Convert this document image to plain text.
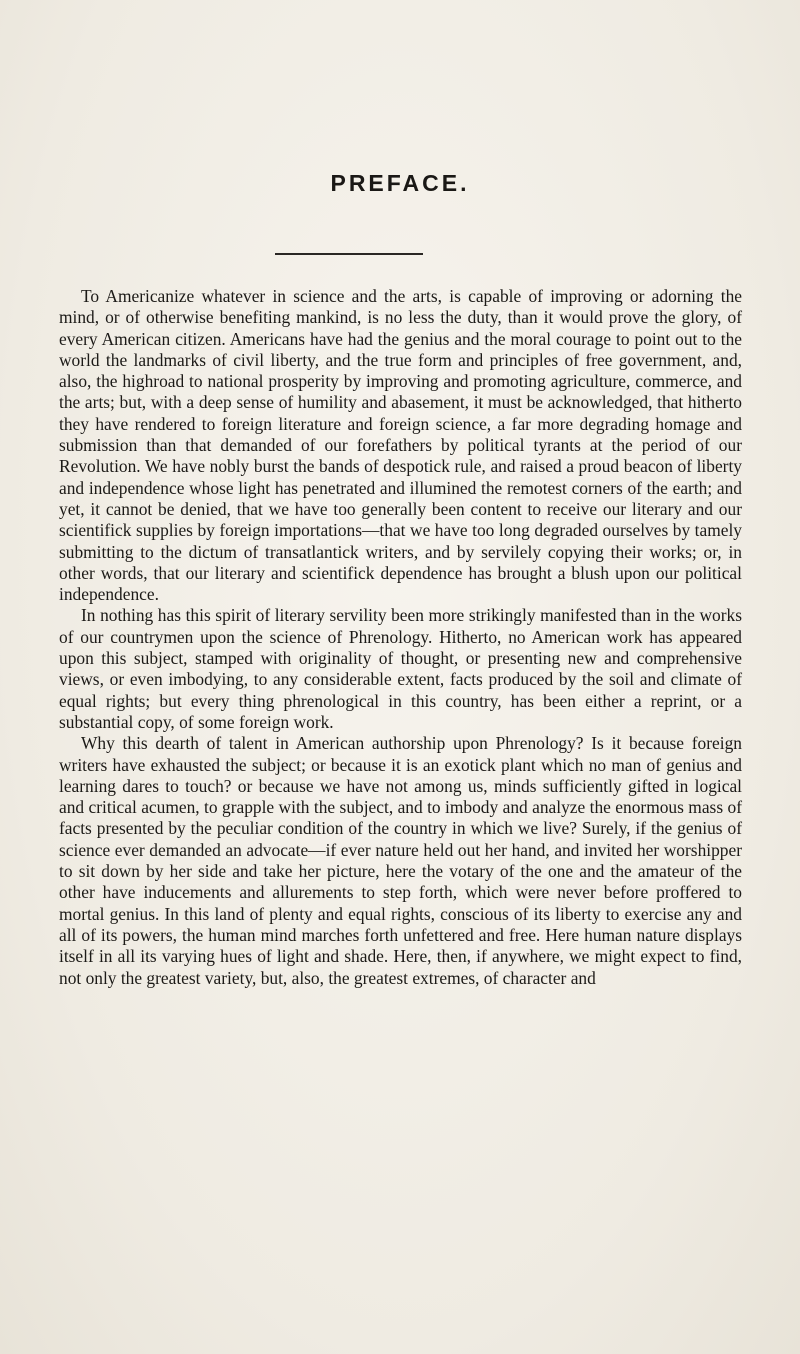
PREFACE.

To Americanize whatever in science and the arts, is capable of improving or adorning the mind, or of otherwise benefiting mankind, is no less the duty, than it would prove the glory, of every American citizen. Americans have had the genius and the moral courage to point out to the world the landmarks of civil liberty, and the true form and principles of free government, and, also, the highroad to national prosperity by improving and promoting agriculture, commerce, and the arts; but, with a deep sense of humility and abasement, it must be acknowledged, that hitherto they have rendered to foreign literature and foreign science, a far more degrading homage and submission than that demanded of our forefathers by political tyrants at the period of our Revolution. We have nobly burst the bands of despotick rule, and raised a proud beacon of liberty and independence whose light has penetrated and illumined the remotest corners of the earth; and yet, it cannot be denied, that we have too generally been content to receive our literary and our scientifick supplies by foreign importations—that we have too long degraded ourselves by tamely submitting to the dictum of transatlantick writers, and by servilely copying their works; or, in other words, that our literary and scientifick dependence has brought a blush upon our political independence.

In nothing has this spirit of literary servility been more strikingly manifested than in the works of our countrymen upon the science of Phrenology. Hitherto, no American work has appeared upon this subject, stamped with originality of thought, or presenting new and comprehensive views, or even imbodying, to any considerable extent, facts produced by the soil and climate of equal rights; but every thing phrenological in this country, has been either a reprint, or a substantial copy, of some foreign work.

Why this dearth of talent in American authorship upon Phrenology? Is it because foreign writers have exhausted the subject; or because it is an exotick plant which no man of genius and learning dares to touch? or because we have not among us, minds sufficiently gifted in logical and critical acumen, to grapple with the subject, and to imbody and analyze the enormous mass of facts presented by the peculiar condition of the country in which we live? Surely, if the genius of science ever demanded an advocate—if ever nature held out her hand, and invited her worshipper to sit down by her side and take her picture, here the votary of the one and the amateur of the other have inducements and allurements to step forth, which were never before proffered to mortal genius. In this land of plenty and equal rights, conscious of its liberty to exercise any and all of its powers, the human mind marches forth unfettered and free. Here human nature displays itself in all its varying hues of light and shade. Here, then, if anywhere, we might expect to find, not only the greatest variety, but, also, the greatest extremes, of character and
